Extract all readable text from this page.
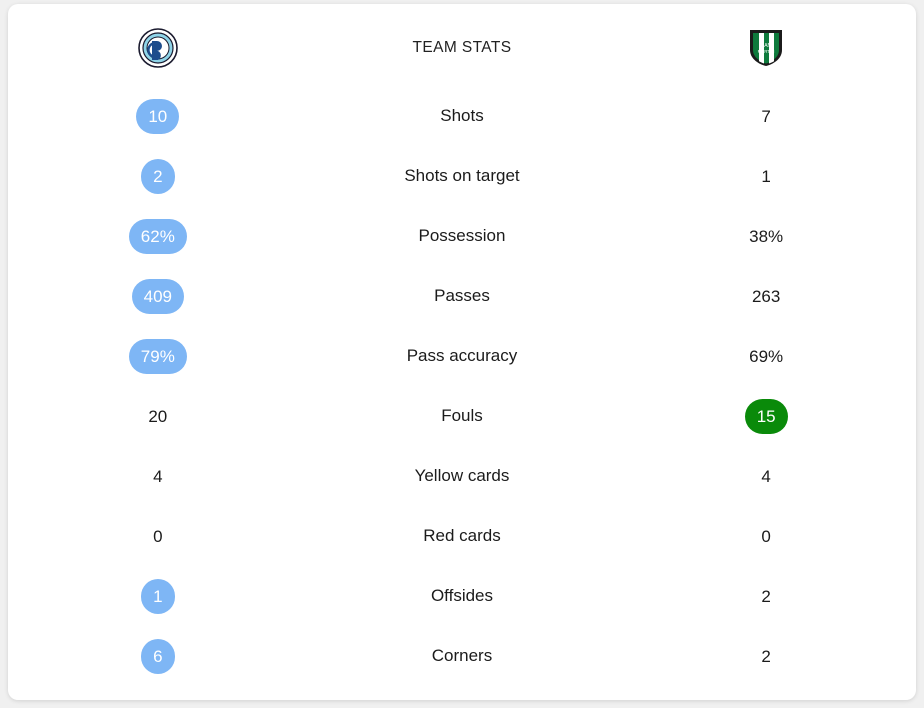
TEAM STATS	SAN
MARTIN
10	Shots	7
2	Shots on target	1
62%	Possession	38%
409	Passes	263
79%	Pass accuracy	69%
20	Fouls	15
4	Yellow cards	4
0	Red cards	0
1	Offsides	2
6	Corners	2
